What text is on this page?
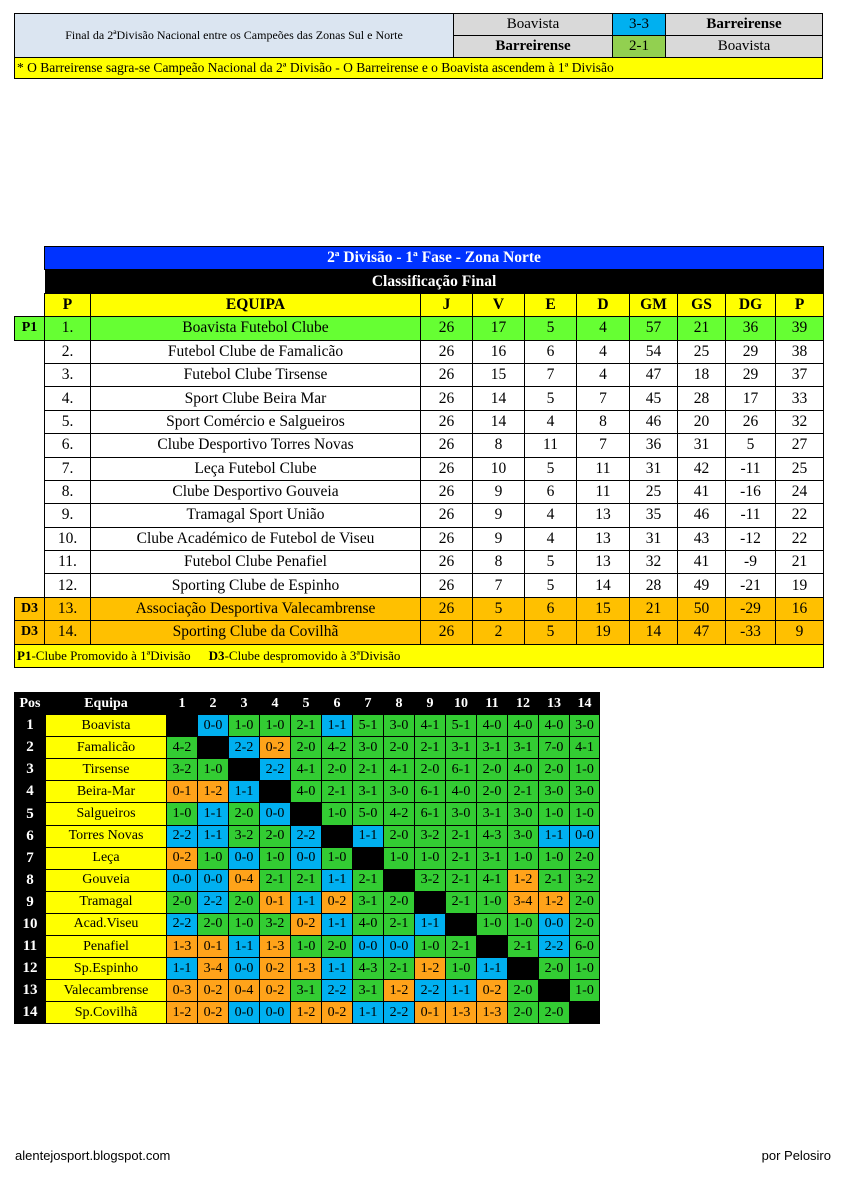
Final da 2ªDivisão Nacional entre os Campeões das Zonas Sul e Norte	Boavista	3-3	Barreirense
	Barreirense	2-1	Boavista
* O Barreirense sagra-se Campeão Nacional da 2ª Divisão - O Barreirense e o Boavista ascendem à 1ª Divisão			
	2ª Divisão - 1ª Fase - Zona Norte									
	Classificação Final									
	P	EQUIPA	J	V	E	D	GM	GS	DG	P
P1	1.	Boavista Futebol Clube	26	17	5	4	57	21	36	39
	2.	Futebol Clube de Famalicão	26	16	6	4	54	25	29	38
	3.	Futebol Clube Tirsense	26	15	7	4	47	18	29	37
	4.	Sport Clube Beira Mar	26	14	5	7	45	28	17	33
	5.	Sport Comércio e Salgueiros	26	14	4	8	46	20	26	32
	6.	Clube Desportivo Torres Novas	26	8	11	7	36	31	5	27
	7.	Leça Futebol Clube	26	10	5	11	31	42	-11	25
	8.	Clube Desportivo Gouveia	26	9	6	11	25	41	-16	24
	9.	Tramagal Sport União	26	9	4	13	35	46	-11	22
	10.	Clube Académico de Futebol de Viseu	26	9	4	13	31	43	-12	22
	11.	Futebol Clube Penafiel	26	8	5	13	32	41	-9	21
	12.	Sporting Clube de Espinho	26	7	5	14	28	49	-21	19
D3	13.	Associação Desportiva Valecambrense	26	5	6	15	21	50	-29	16
D3	14.	Sporting Clube da Covilhã	26	2	5	19	14	47	-33	9
P1-Clube Promovido à 1ªDivisão D3-Clube despromovido à 3ªDivisão										
Pos	Equipa	1	2	3	4	5	6	7	8	9	10	11	12	13	14
1	Boavista		0-0	1-0	1-0	2-1	1-1	5-1	3-0	4-1	5-1	4-0	4-0	4-0	3-0
2	Famalicão	4-2		2-2	0-2	2-0	4-2	3-0	2-0	2-1	3-1	3-1	3-1	7-0	4-1
3	Tirsense	3-2	1-0		2-2	4-1	2-0	2-1	4-1	2-0	6-1	2-0	4-0	2-0	1-0
4	Beira-Mar	0-1	1-2	1-1		4-0	2-1	3-1	3-0	6-1	4-0	2-0	2-1	3-0	3-0
5	Salgueiros	1-0	1-1	2-0	0-0		1-0	5-0	4-2	6-1	3-0	3-1	3-0	1-0	1-0
6	Torres Novas	2-2	1-1	3-2	2-0	2-2		1-1	2-0	3-2	2-1	4-3	3-0	1-1	0-0
7	Leça	0-2	1-0	0-0	1-0	0-0	1-0		1-0	1-0	2-1	3-1	1-0	1-0	2-0
8	Gouveia	0-0	0-0	0-4	2-1	2-1	1-1	2-1		3-2	2-1	4-1	1-2	2-1	3-2
9	Tramagal	2-0	2-2	2-0	0-1	1-1	0-2	3-1	2-0		2-1	1-0	3-4	1-2	2-0
10	Acad.Viseu	2-2	2-0	1-0	3-2	0-2	1-1	4-0	2-1	1-1		1-0	1-0	0-0	2-0
11	Penafiel	1-3	0-1	1-1	1-3	1-0	2-0	0-0	0-0	1-0	2-1		2-1	2-2	6-0
12	Sp.Espinho	1-1	3-4	0-0	0-2	1-3	1-1	4-3	2-1	1-2	1-0	1-1		2-0	1-0
13	Valecambrense	0-3	0-2	0-4	0-2	3-1	2-2	3-1	1-2	2-2	1-1	0-2	2-0		1-0
14	Sp.Covilhã	1-2	0-2	0-0	0-0	1-2	0-2	1-1	2-2	0-1	1-3	1-3	2-0	2-0	
alentejosport.blogspot.com	por Pelosiro
